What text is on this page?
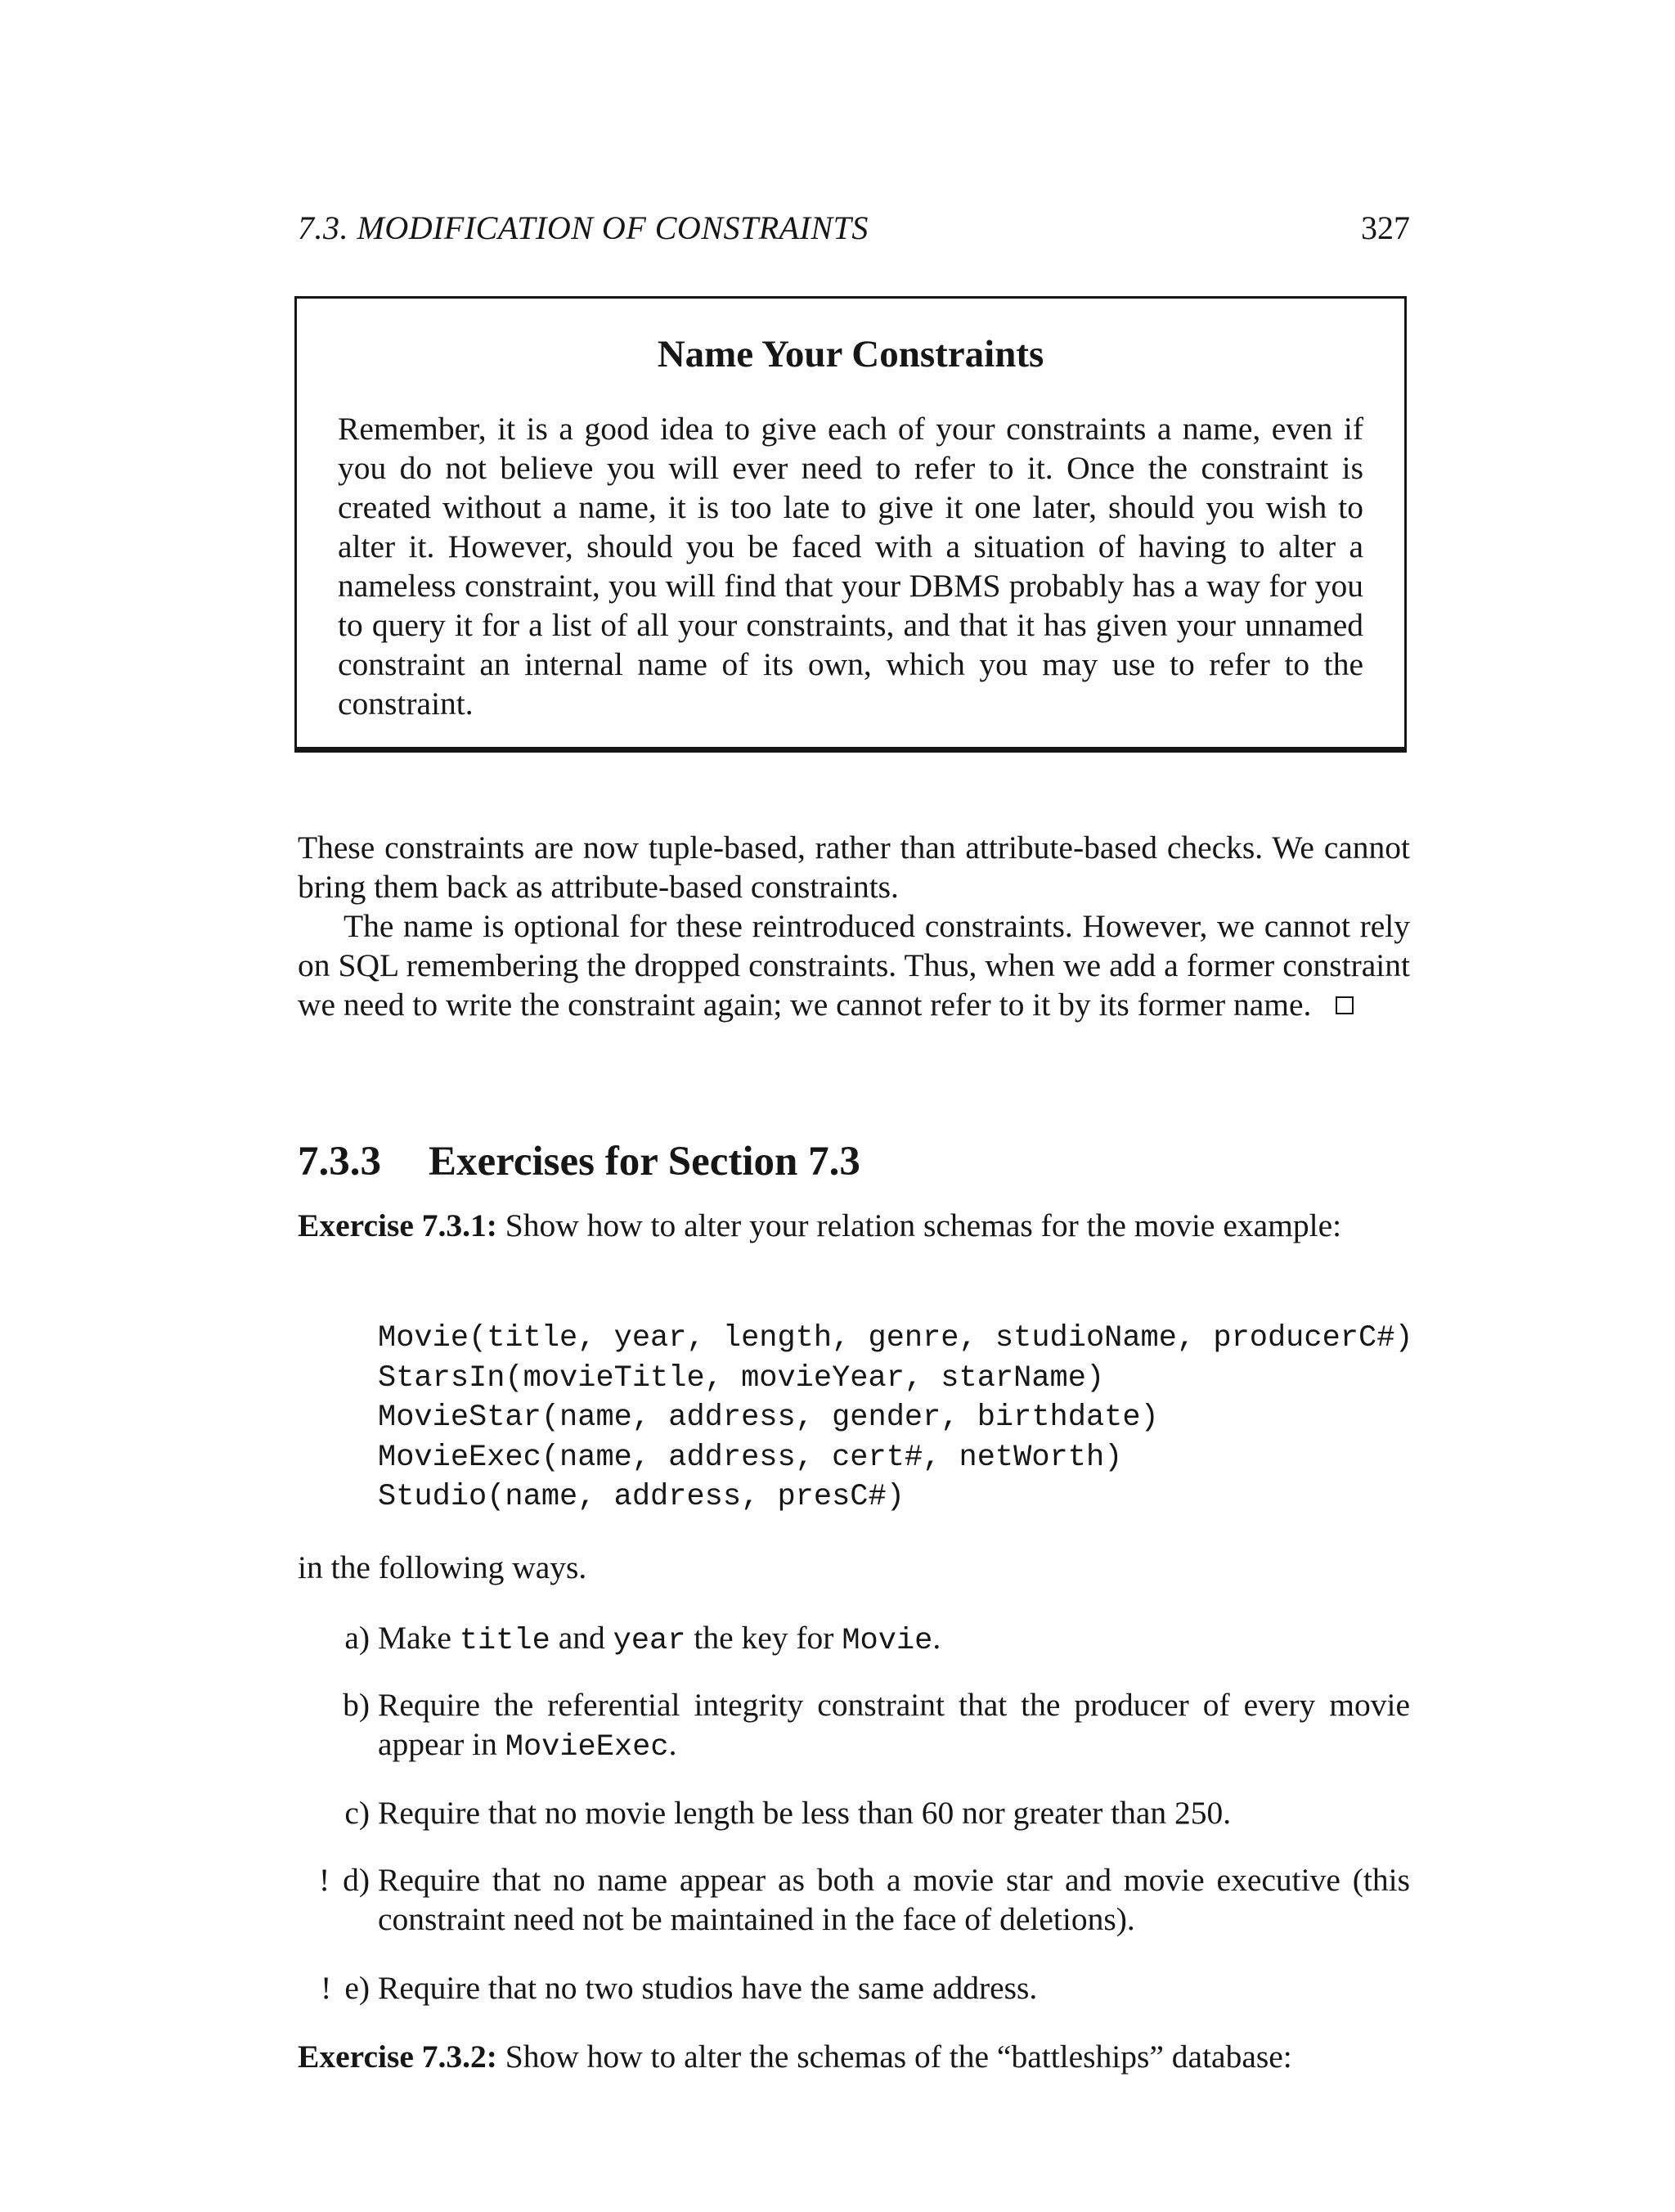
7.3. MODIFICATION OF CONSTRAINTS	327
Name Your Constraints
Remember, it is a good idea to give each of your constraints a name, even if you do not believe you will ever need to refer to it. Once the constraint is created without a name, it is too late to give it one later, should you wish to alter it. However, should you be faced with a situation of having to alter a nameless constraint, you will find that your DBMS probably has a way for you to query it for a list of all your constraints, and that it has given your unnamed constraint an internal name of its own, which you may use to refer to the constraint.

These constraints are now tuple-based, rather than attribute-based checks. We cannot bring them back as attribute-based constraints.

The name is optional for these reintroduced constraints. However, we cannot rely on SQL remembering the dropped constraints. Thus, when we add a former constraint we need to write the constraint again; we cannot refer to it by its former name.

7.3.3 Exercises for Section 7.3

Exercise 7.3.1: Show how to alter your relation schemas for the movie example:

Movie(title, year, length, genre, studioName, producerC#)
StarsIn(movieTitle, movieYear, starName)
MovieStar(name, address, gender, birthdate)
MovieExec(name, address, cert#, netWorth)
Studio(name, address, presC#)

in the following ways.

a) Make title and year the key for Movie.
b) Require the referential integrity constraint that the producer of every movie appear in MovieExec.
c) Require that no movie length be less than 60 nor greater than 250.
! d) Require that no name appear as both a movie star and movie executive (this constraint need not be maintained in the face of deletions).
! e) Require that no two studios have the same address.

Exercise 7.3.2: Show how to alter the schemas of the “battleships” database:
